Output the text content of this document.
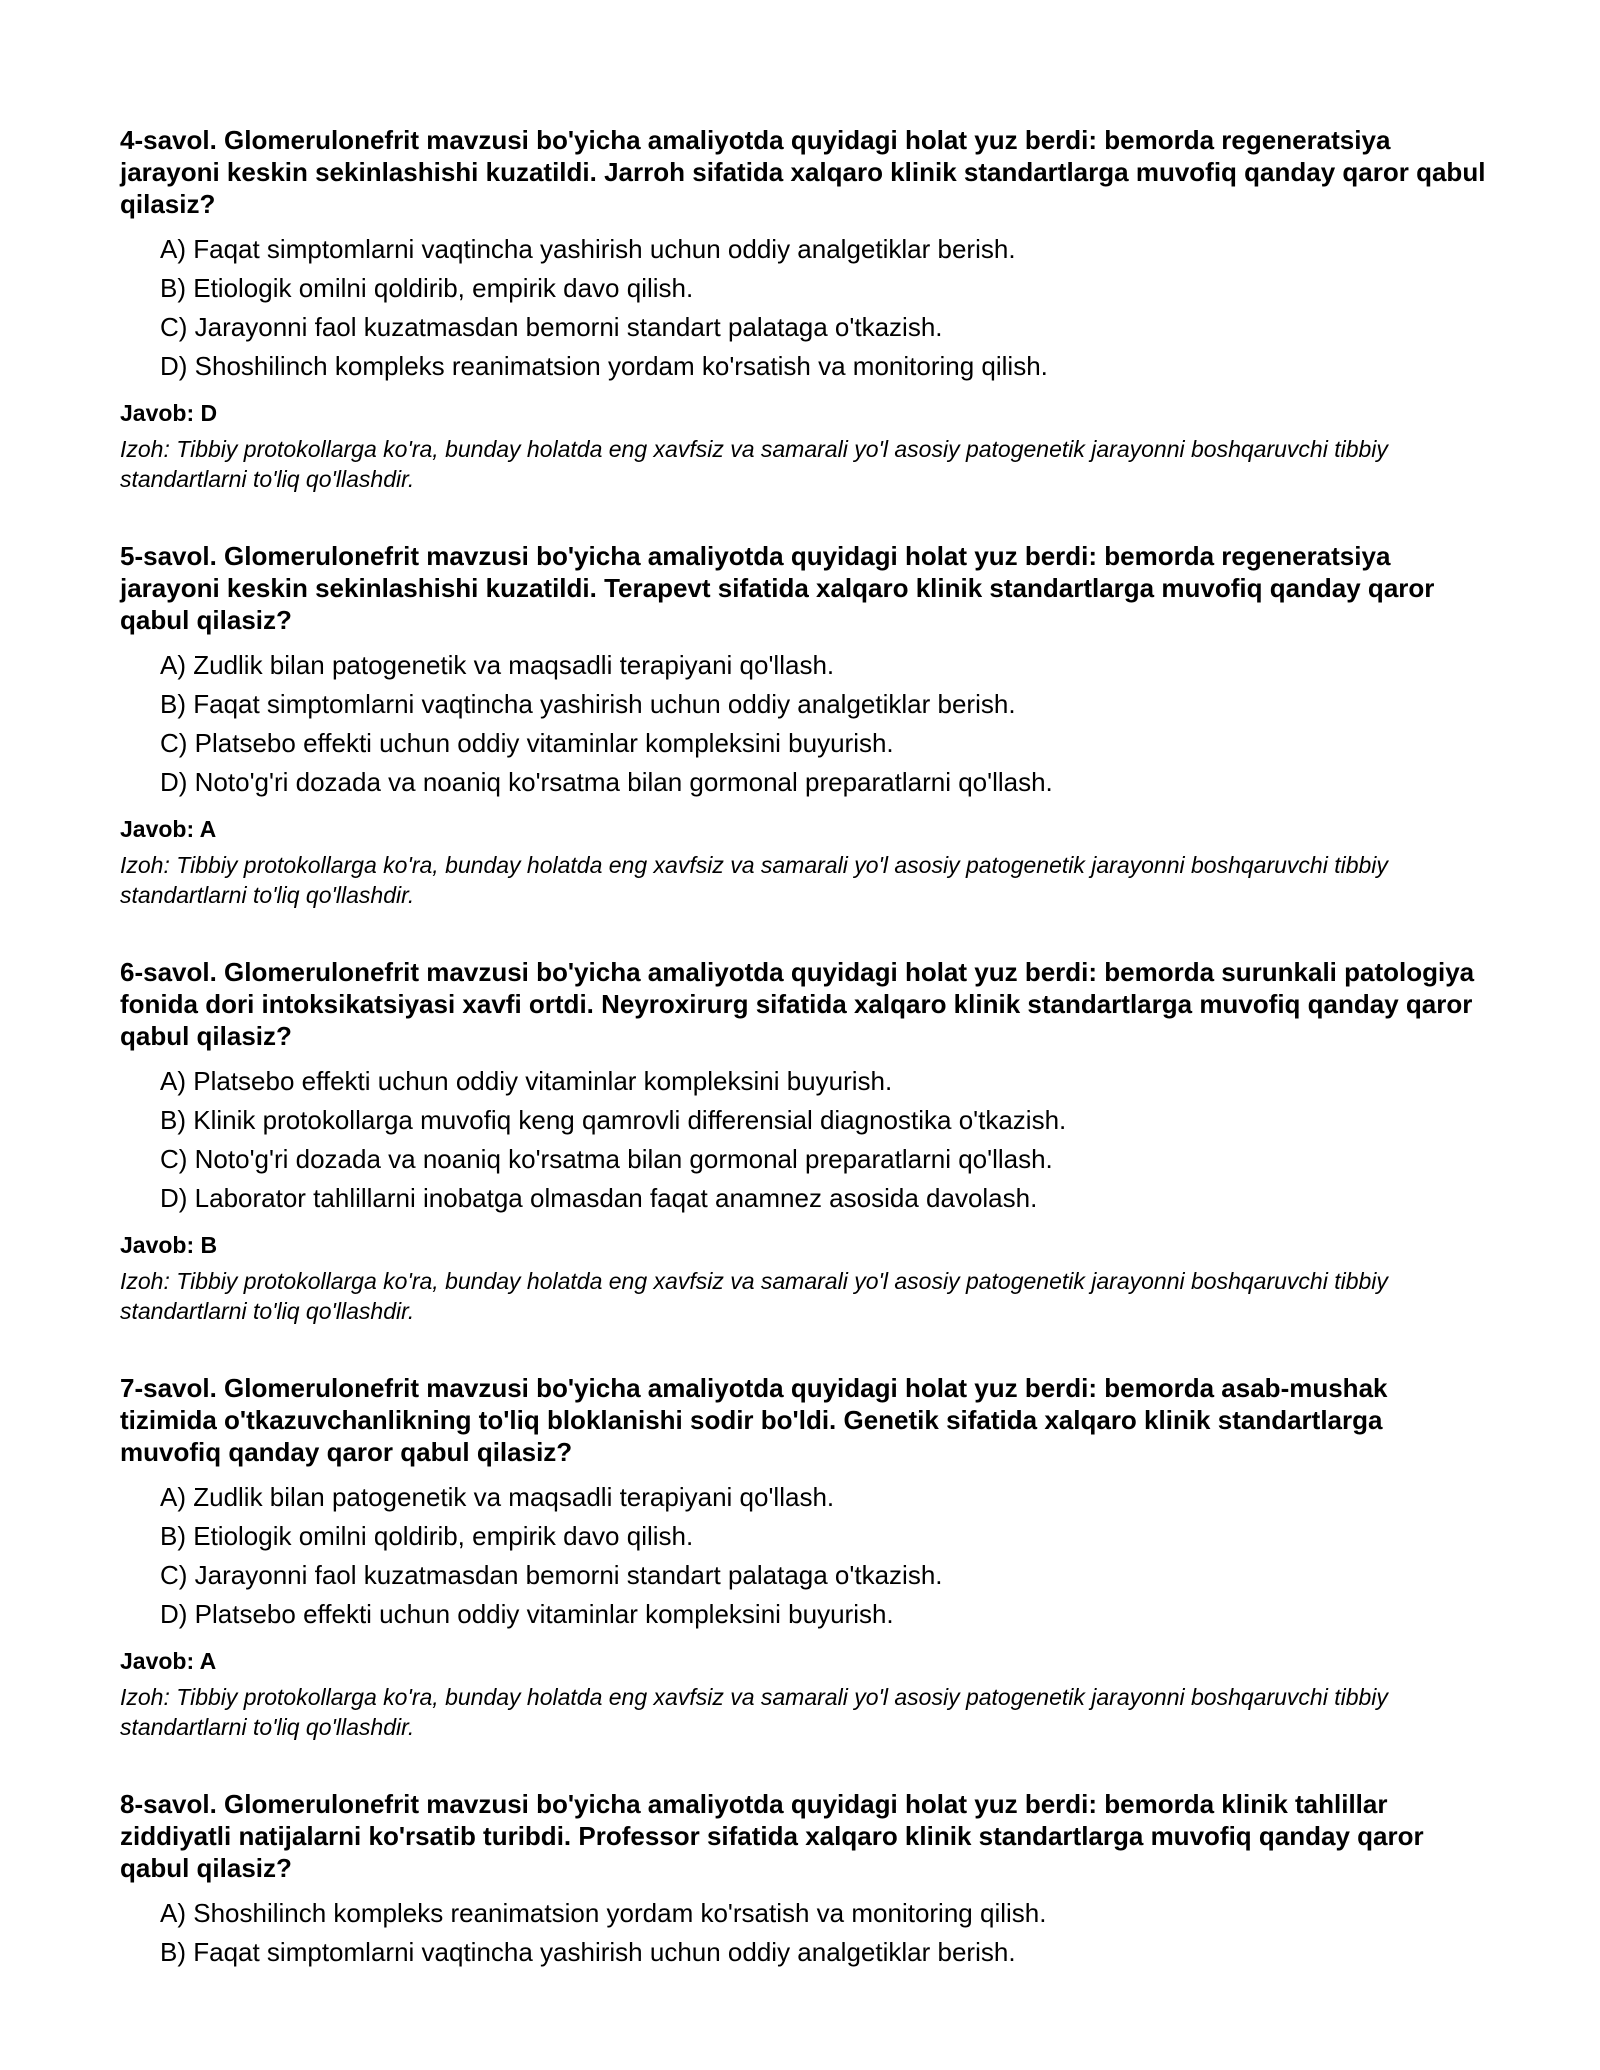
4-savol. Glomerulonefrit mavzusi bo'yicha amaliyotda quyidagi holat yuz berdi: bemorda regeneratsiya jarayoni keskin sekinlashishi kuzatildi. Jarroh sifatida xalqaro klinik standartlarga muvofiq qanday qaror qabul qilasiz?

A) Faqat simptomlarni vaqtincha yashirish uchun oddiy analgetiklar berish.
B) Etiologik omilni qoldirib, empirik davo qilish.
C) Jarayonni faol kuzatmasdan bemorni standart palataga o'tkazish.
D) Shoshilinch kompleks reanimatsion yordam ko'rsatish va monitoring qilish.

Javob: D

Izoh: Tibbiy protokollarga ko'ra, bunday holatda eng xavfsiz va samarali yo'l asosiy patogenetik jarayonni boshqaruvchi tibbiy standartlarni to'liq qo'llashdir.

5-savol. Glomerulonefrit mavzusi bo'yicha amaliyotda quyidagi holat yuz berdi: bemorda regeneratsiya jarayoni keskin sekinlashishi kuzatildi. Terapevt sifatida xalqaro klinik standartlarga muvofiq qanday qaror qabul qilasiz?

A) Zudlik bilan patogenetik va maqsadli terapiyani qo'llash.
B) Faqat simptomlarni vaqtincha yashirish uchun oddiy analgetiklar berish.
C) Platsebo effekti uchun oddiy vitaminlar kompleksini buyurish.
D) Noto'g'ri dozada va noaniq ko'rsatma bilan gormonal preparatlarni qo'llash.

Javob: A

Izoh: Tibbiy protokollarga ko'ra, bunday holatda eng xavfsiz va samarali yo'l asosiy patogenetik jarayonni boshqaruvchi tibbiy standartlarni to'liq qo'llashdir.

6-savol. Glomerulonefrit mavzusi bo'yicha amaliyotda quyidagi holat yuz berdi: bemorda surunkali patologiya fonida dori intoksikatsiyasi xavfi ortdi. Neyroxirurg sifatida xalqaro klinik standartlarga muvofiq qanday qaror qabul qilasiz?

A) Platsebo effekti uchun oddiy vitaminlar kompleksini buyurish.
B) Klinik protokollarga muvofiq keng qamrovli differensial diagnostika o'tkazish.
C) Noto'g'ri dozada va noaniq ko'rsatma bilan gormonal preparatlarni qo'llash.
D) Laborator tahlillarni inobatga olmasdan faqat anamnez asosida davolash.

Javob: B

Izoh: Tibbiy protokollarga ko'ra, bunday holatda eng xavfsiz va samarali yo'l asosiy patogenetik jarayonni boshqaruvchi tibbiy standartlarni to'liq qo'llashdir.

7-savol. Glomerulonefrit mavzusi bo'yicha amaliyotda quyidagi holat yuz berdi: bemorda asab-mushak tizimida o'tkazuvchanlikning to'liq bloklanishi sodir bo'ldi. Genetik sifatida xalqaro klinik standartlarga muvofiq qanday qaror qabul qilasiz?

A) Zudlik bilan patogenetik va maqsadli terapiyani qo'llash.
B) Etiologik omilni qoldirib, empirik davo qilish.
C) Jarayonni faol kuzatmasdan bemorni standart palataga o'tkazish.
D) Platsebo effekti uchun oddiy vitaminlar kompleksini buyurish.

Javob: A

Izoh: Tibbiy protokollarga ko'ra, bunday holatda eng xavfsiz va samarali yo'l asosiy patogenetik jarayonni boshqaruvchi tibbiy standartlarni to'liq qo'llashdir.

8-savol. Glomerulonefrit mavzusi bo'yicha amaliyotda quyidagi holat yuz berdi: bemorda klinik tahlillar ziddiyatli natijalarni ko'rsatib turibdi. Professor sifatida xalqaro klinik standartlarga muvofiq qanday qaror qabul qilasiz?

A) Shoshilinch kompleks reanimatsion yordam ko'rsatish va monitoring qilish.
B) Faqat simptomlarni vaqtincha yashirish uchun oddiy analgetiklar berish.
